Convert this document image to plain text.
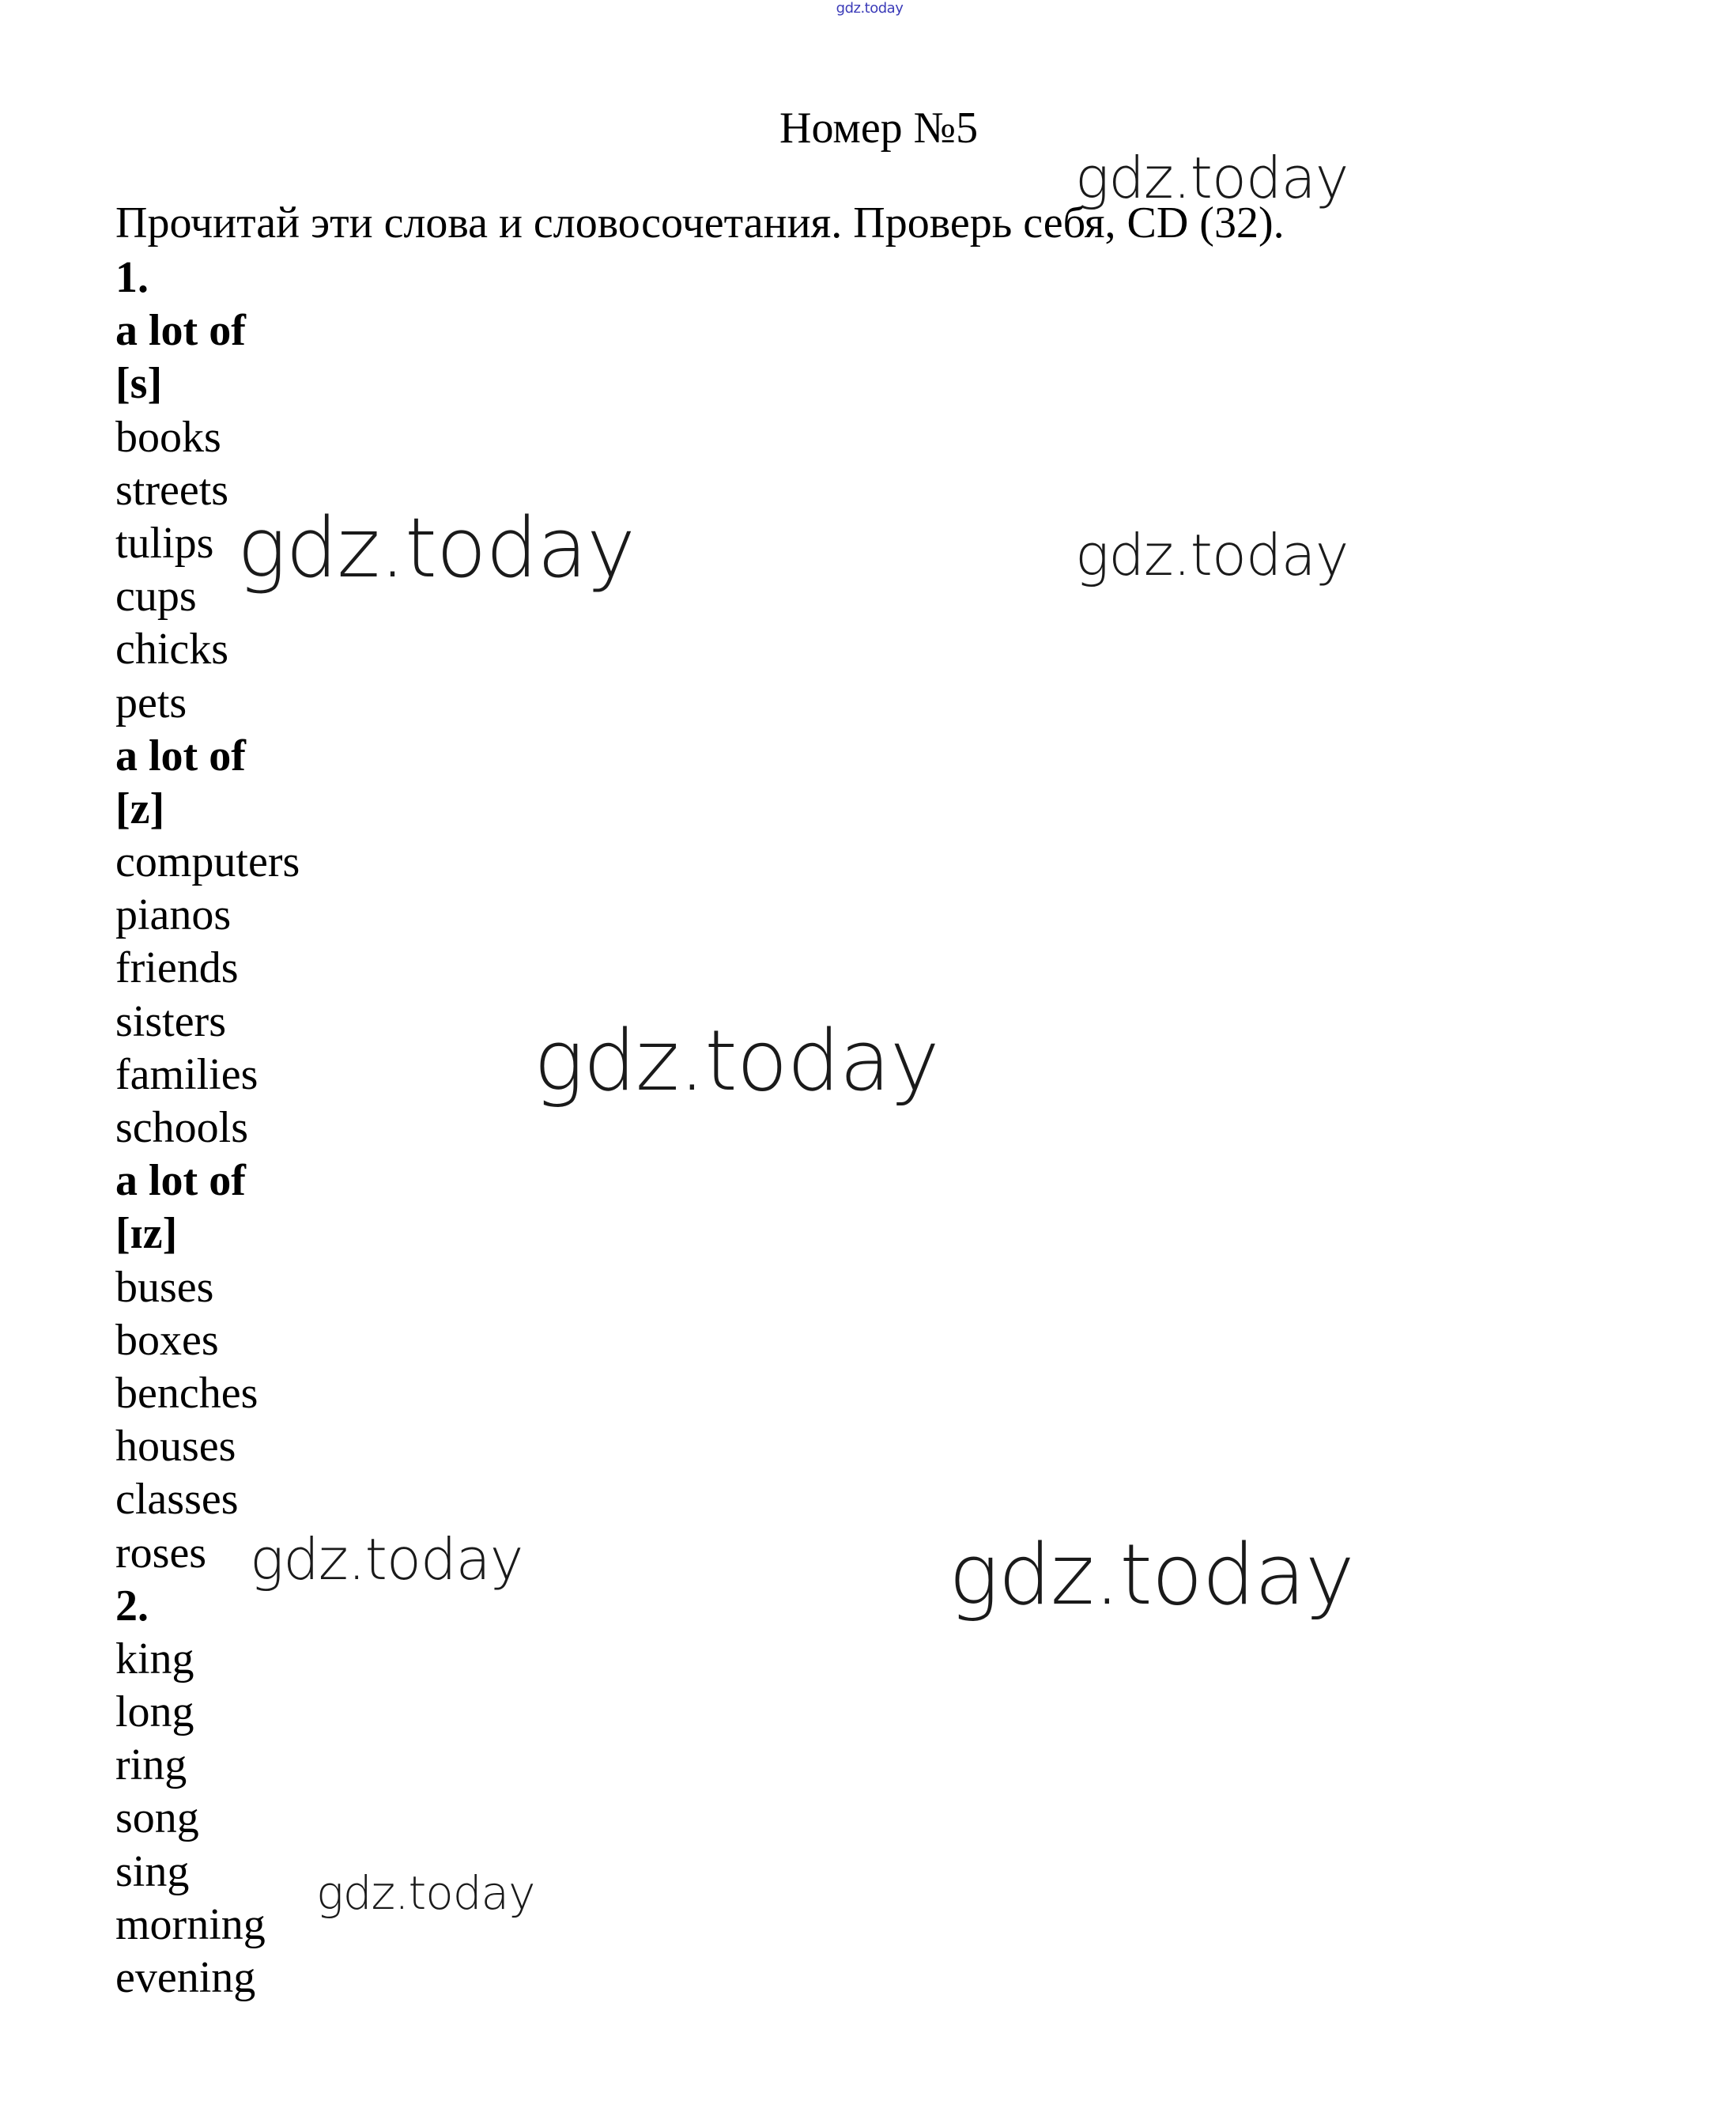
gdz.today
Номер №5
Прочитай эти слова и словосочетания. Проверь себя, CD (32).
1.
a lot of
[s]
books
streets
tulips
cups
chicks
pets
a lot of
[z]
computers
pianos
friends
sisters
families
schools
a lot of
[ɪz]
buses
boxes
benches
houses
classes
roses
2.
king
long
ring
song
sing
morning
evening
gdz.today
gdz.today	gdz.today
gdz.today
gdz.today	gdz.today
gdz.today
